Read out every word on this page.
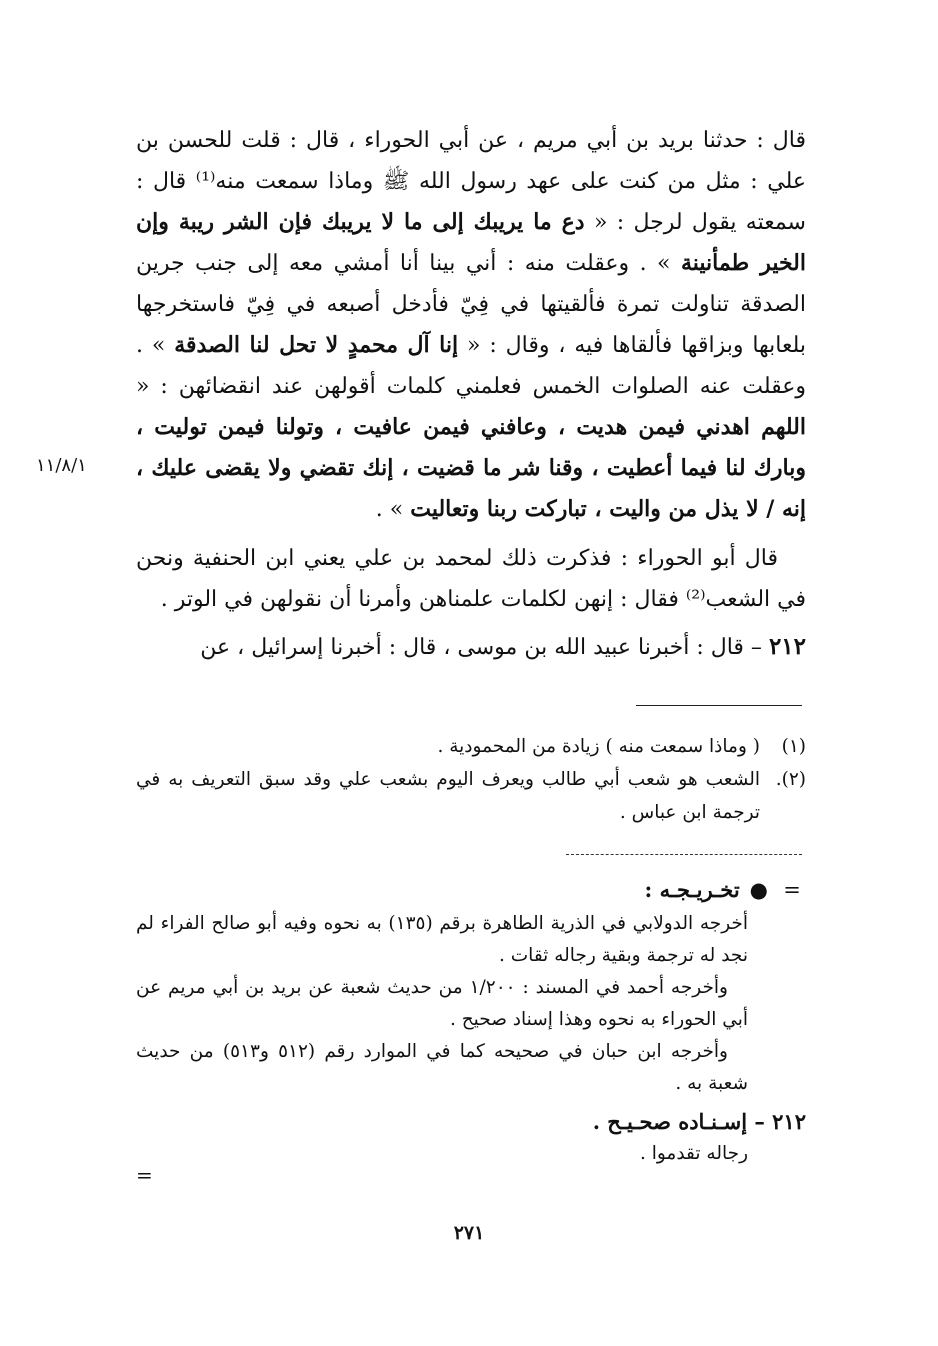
قال : حدثنا بريد بن أبي مريم ، عن أبي الحوراء ، قال : قلت للحسن بن علي : مثل من كنت على عهد رسول الله ﷺ وماذا سمعت منه⁽¹⁾ قال : سمعته يقول لرجل : « دع ما يريبك إلى ما لا يريبك فإن الشر ريبة وإن الخير طمأنينة » . وعقلت منه : أني بينا أنا أمشي معه إلى جنب جرين الصدقة تناولت تمرة فألقيتها في فِيّ فأدخل أصبعه في فِيّ فاستخرجها بلعابها وبزاقها فألقاها فيه ، وقال : « إنا آل محمدٍ لا تحل لنا الصدقة » . وعقلت عنه الصلوات الخمس فعلمني كلمات أقولهن عند انقضائهن : « اللهم اهدني فيمن هديت ، وعافني فيمن عافيت ، وتولنا فيمن توليت ، وبارك لنا فيما أعطيت ، وقنا شر ما قضيت ، إنك تقضي ولا يقضى عليك ، إنه / لا يذل من واليت ، تباركت ربنا وتعاليت » .

قال أبو الحوراء : فذكرت ذلك لمحمد بن علي يعني ابن الحنفية ونحن في الشعب⁽²⁾ فقال : إنهن لكلمات علمناهن وأمرنا أن نقولهن في الوتر .

٢١٢ – قال : أخبرنا عبيد الله بن موسى ، قال : أخبرنا إسرائيل ، عن

١١/٨/١
(١)
( وماذا سمعت منه ) زيادة من المحمودية .
(٢).
الشعب هو شعب أبي طالب ويعرف اليوم بشعب علي وقد سبق التعريف به في ترجمة ابن عباس .
=
●
تخـريـجـه :

أخرجه الدولابي في الذرية الطاهرة برقم (١٣٥) به نحوه وفيه أبو صالح الفراء لم نجد له ترجمة وبقية رجاله ثقات .

وأخرجه أحمد في المسند : ١/٢٠٠ من حديث شعبة عن بريد بن أبي مريم عن أبي الحوراء به نحوه وهذا إسناد صحيح .

وأخرجه ابن حبان في صحيحه كما في الموارد رقم (٥١٢ و٥١٣) من حديث شعبة به .

٢١٢ – إسـنـاده صحـيـح .
رجاله تقدموا .
=
٢٧١
